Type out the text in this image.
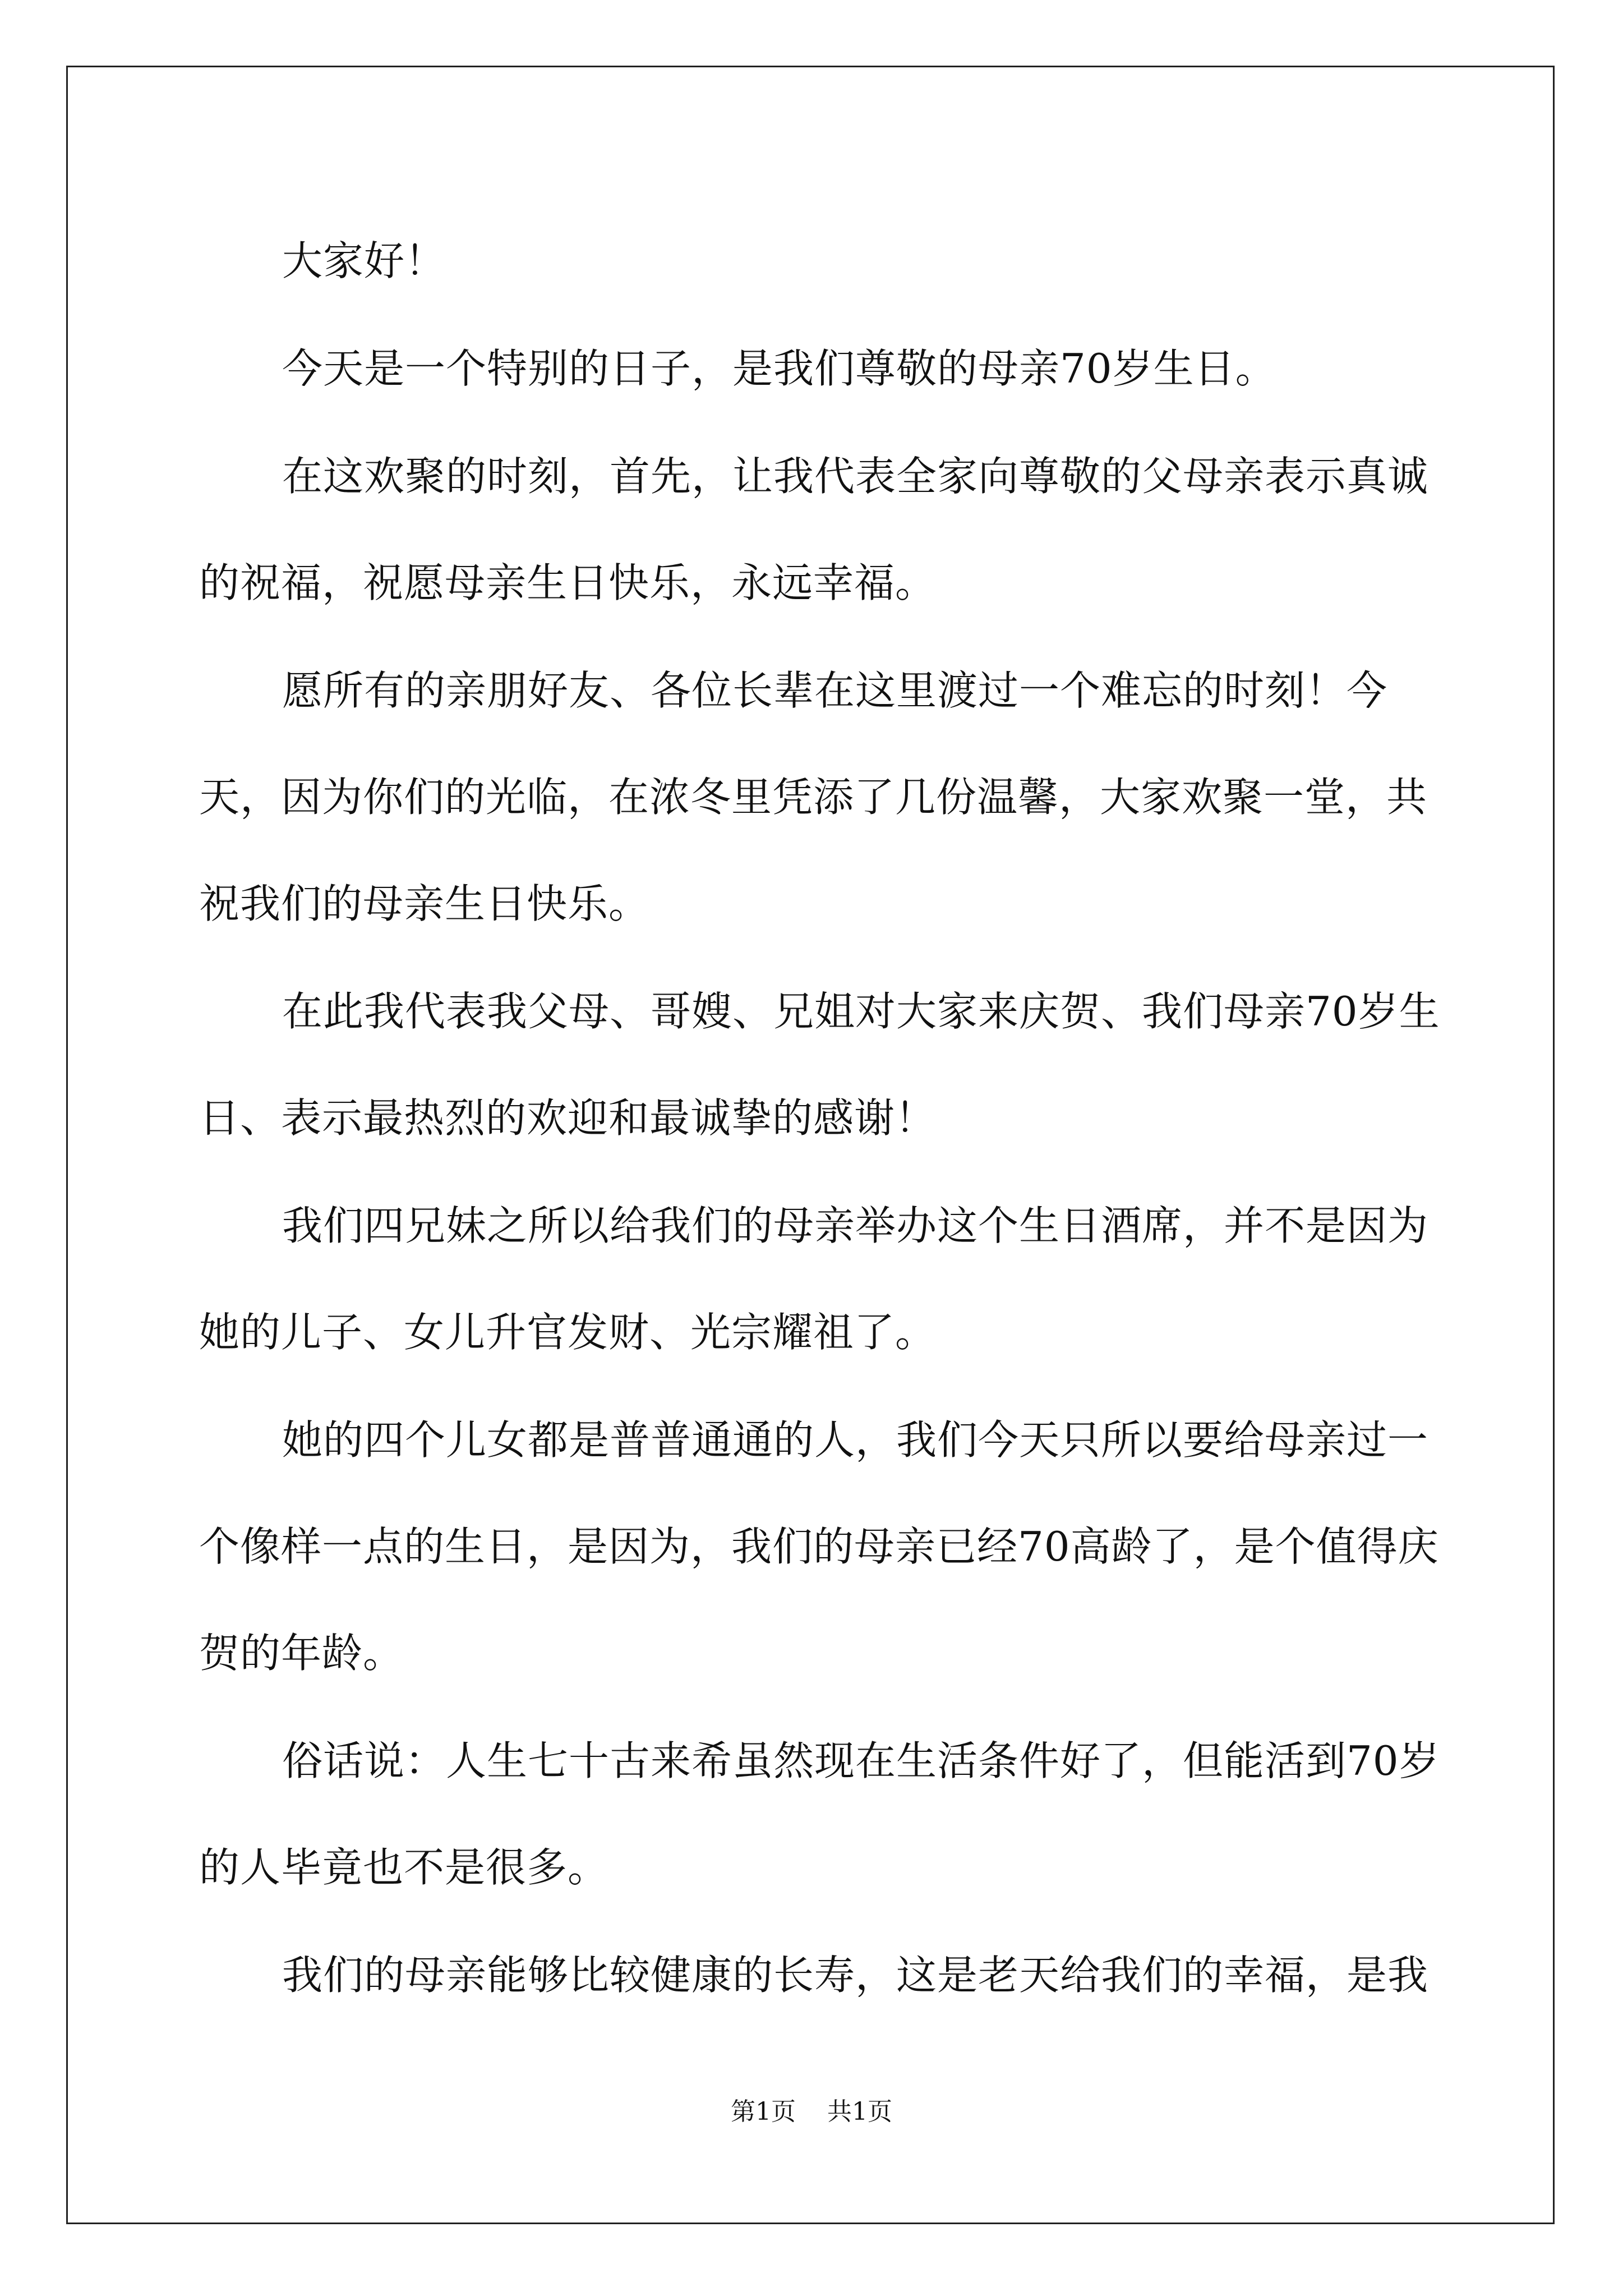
大家好！

今天是一个特别的日子，是我们尊敬的母亲70岁生日。

在这欢聚的时刻，首先，让我代表全家向尊敬的父母亲表示真诚的祝福，祝愿母亲生日快乐，永远幸福。

愿所有的亲朋好友、各位长辈在这里渡过一个难忘的时刻！今天，因为你们的光临，在浓冬里凭添了几份温馨，大家欢聚一堂，共祝我们的母亲生日快乐。

在此我代表我父母、哥嫂、兄姐对大家来庆贺、我们母亲70岁生日、表示最热烈的欢迎和最诚挚的感谢！

我们四兄妹之所以给我们的母亲举办这个生日酒席，并不是因为她的儿子、女儿升官发财、光宗耀祖了。

她的四个儿女都是普普通通的人，我们今天只所以要给母亲过一个像样一点的生日，是因为，我们的母亲已经70高龄了，是个值得庆贺的年龄。

俗话说：人生七十古来希虽然现在生活条件好了，但能活到70岁的人毕竟也不是很多。

我们的母亲能够比较健康的长寿，这是老天给我们的幸福，是我

第1页 共1页
